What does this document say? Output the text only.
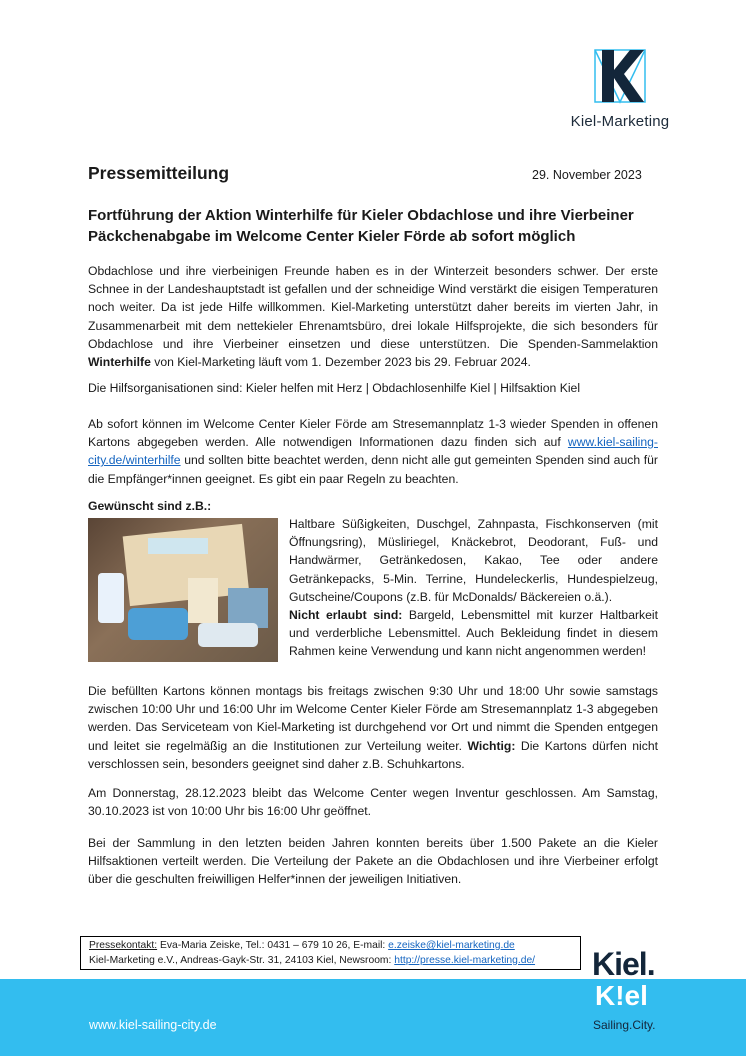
Kiel-Marketing
Pressemitteilung	29. November 2023
Fortführung der Aktion Winterhilfe für Kieler Obdachlose und ihre Vierbeiner
Päckchenabgabe im Welcome Center Kieler Förde ab sofort möglich
Obdachlose und ihre vierbeinigen Freunde haben es in der Winterzeit besonders schwer. Der erste Schnee in der Landeshauptstadt ist gefallen und der schneidige Wind verstärkt die eisigen Temperaturen noch weiter. Da ist jede Hilfe willkommen. Kiel-Marketing unterstützt daher bereits im vierten Jahr, in Zusammenarbeit mit dem nettekieler Ehrenamtsbüro, drei lokale Hilfsprojekte, die sich besonders für Obdachlose und ihre Vierbeiner einsetzen und diese unterstützen. Die Spenden-Sammelaktion Winterhilfe von Kiel-Marketing läuft vom 1. Dezember 2023 bis 29. Februar 2024.
Die Hilfsorganisationen sind: Kieler helfen mit Herz | Obdachlosenhilfe Kiel | Hilfsaktion Kiel
Ab sofort können im Welcome Center Kieler Förde am Stresemannplatz 1-3 wieder Spenden in offenen Kartons abgegeben werden. Alle notwendigen Informationen dazu finden sich auf www.kiel-sailing-city.de/winterhilfe und sollten bitte beachtet werden, denn nicht alle gut gemeinten Spenden sind auch für die Empfänger*innen geeignet. Es gibt ein paar Regeln zu beachten.
Gewünscht sind z.B.:
Haltbare Süßigkeiten, Duschgel, Zahnpasta, Fischkonserven (mit Öffnungsring), Müsliriegel, Knäckebrot, Deodorant, Fuß- und Handwärmer, Getränkedosen, Kakao, Tee oder andere Getränkepacks, 5-Min. Terrine, Hundeleckerlis, Hundespielzeug, Gutscheine/Coupons (z.B. für McDonalds/ Bäckereien o.ä.).
Nicht erlaubt sind: Bargeld, Lebensmittel mit kurzer Haltbarkeit und verderbliche Lebensmittel. Auch Bekleidung findet in diesem Rahmen keine Verwendung und kann nicht angenommen werden!
Die befüllten Kartons können montags bis freitags zwischen 9:30 Uhr und 18:00 Uhr sowie samstags zwischen 10:00 Uhr und 16:00 Uhr im Welcome Center Kieler Förde am Stresemannplatz 1-3 abgegeben werden. Das Serviceteam von Kiel-Marketing ist durchgehend vor Ort und nimmt die Spenden entgegen und leitet sie regelmäßig an die Institutionen zur Verteilung weiter. Wichtig: Die Kartons dürfen nicht verschlossen sein, besonders geeignet sind daher z.B. Schuhkartons.
Am Donnerstag, 28.12.2023 bleibt das Welcome Center wegen Inventur geschlossen. Am Samstag, 30.10.2023 ist von 10:00 Uhr bis 16:00 Uhr geöffnet.
Bei der Sammlung in den letzten beiden Jahren konnten bereits über 1.500 Pakete an die Kieler Hilfsaktionen verteilt werden. Die Verteilung der Pakete an die Obdachlosen und ihre Vierbeiner erfolgt über die geschulten freiwilligen Helfer*innen der jeweiligen Initiativen.
Pressekontakt: Eva-Maria Zeiske, Tel.: 0431 – 679 10 26, E-mail: e.zeiske@kiel-marketing.de
Kiel-Marketing e.V., Andreas-Gayk-Str. 31, 24103 Kiel, Newsroom: http://presse.kiel-marketing.de/
www.kiel-sailing-city.de
Kiel.
K!el
Sailing.City.
